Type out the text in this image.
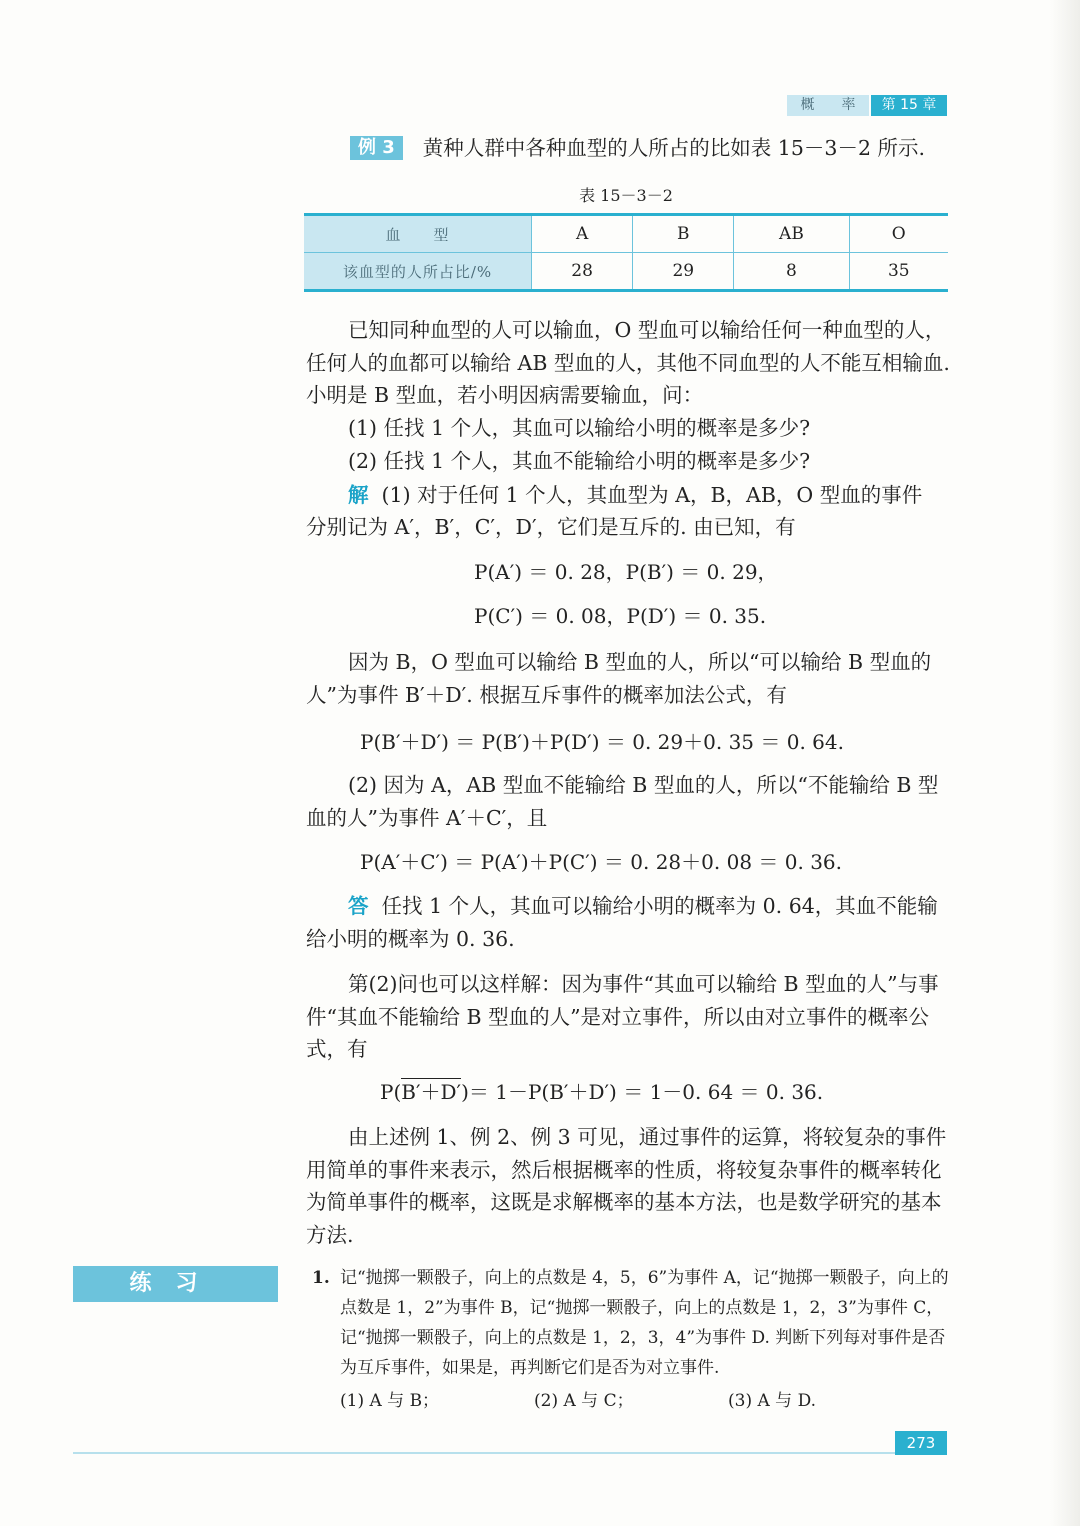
概 率	第 15 章
例 3 黄种人群中各种血型的人所占的比如表 15－3－2 所示.
表 15－3－2
血　　型	A	B	AB	O
该血型的人所占比/%	28	29	8	35
已知同种血型的人可以输血，O 型血可以输给任何一种血型的人，任何人的血都可以输给 AB 型血的人，其他不同血型的人不能互相输血. 小明是 B 型血，若小明因病需要输血，问：
(1) 任找 1 个人，其血可以输给小明的概率是多少?
(2) 任找 1 个人，其血不能输给小明的概率是多少?
解 (1) 对于任何 1 个人，其血型为 A，B，AB，O 型血的事件
分别记为 A′，B′，C′，D′，它们是互斥的. 由已知，有
P(A′) ＝ 0. 28，P(B′) ＝ 0. 29，
P(C′) ＝ 0. 08，P(D′) ＝ 0. 35.
因为 B，O 型血可以输给 B 型血的人，所以“可以输给 B 型血的人”为事件 B′＋D′. 根据互斥事件的概率加法公式，有
P(B′＋D′) ＝ P(B′)＋P(D′) ＝ 0. 29＋0. 35 ＝ 0. 64.
(2) 因为 A，AB 型血不能输给 B 型血的人，所以“不能输给 B 型血的人”为事件 A′＋C′，且
P(A′＋C′) ＝ P(A′)＋P(C′) ＝ 0. 28＋0. 08 ＝ 0. 36.
答 任找 1 个人，其血可以输给小明的概率为 0. 64，其血不能输给小明的概率为 0. 36.
第(2)问也可以这样解：因为事件“其血可以输给 B 型血的人”与事件“其血不能输给 B 型血的人”是对立事件，所以由对立事件的概率公式，有
P(B′＋D′)＝ 1－P(B′＋D′) ＝ 1－0. 64 ＝ 0. 36.
由上述例 1、例 2、例 3 可见，通过事件的运算，将较复杂的事件用简单的事件来表示，然后根据概率的性质，将较复杂事件的概率转化为简单事件的概率，这既是求解概率的基本方法，也是数学研究的基本方法.
练习	1. 记“抛掷一颗骰子，向上的点数是 4，5，6”为事件 A，记“抛掷一颗骰子，向上的点数是 1，2”为事件 B，记“抛掷一颗骰子，向上的点数是 1，2，3”为事件 C，记“抛掷一颗骰子，向上的点数是 1，2，3，4”为事件 D. 判断下列每对事件是否为互斥事件，如果是，再判断它们是否为对立事件.
(1) A 与 B；	(2) A 与 C；	(3) A 与 D.
273
